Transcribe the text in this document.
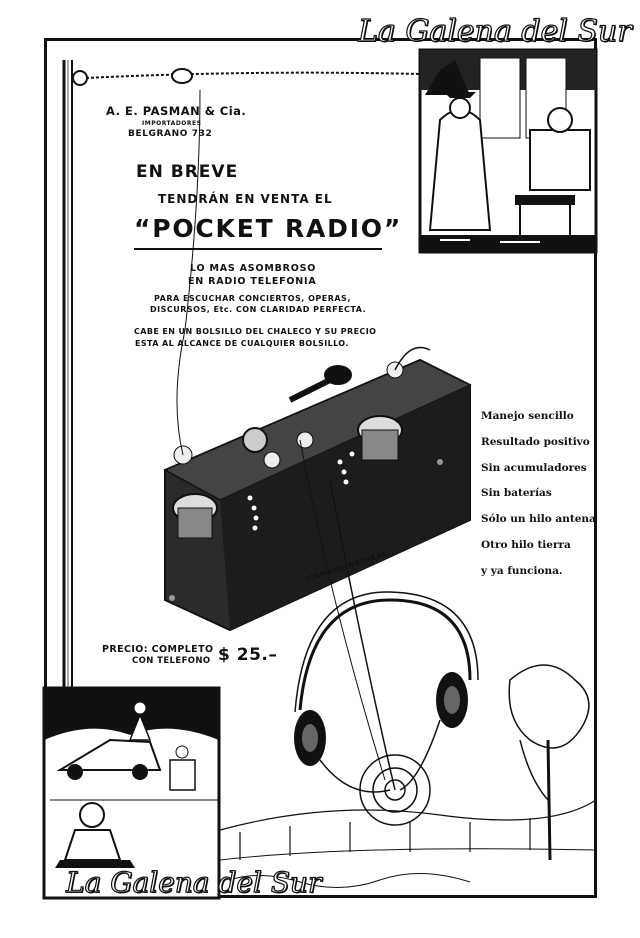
La Galena del Sur
La Galena del Sur
A. E. PASMAN & Cia.
IMPORTADORES
BELGRANO 732
EN BREVE
TENDRÁN EN VENTA EL
“POCKET RADIO”
LO MAS ASOMBROSO
EN RADIO TELEFONIA
PARA ESCUCHAR CONCIERTOS, OPERAS,
DISCURSOS, Etc. CON CLARIDAD PERFECTA.
CABE EN UN BOLSILLO DEL CHALECO Y SU PRECIO
ESTA AL ALCANCE DE CUALQUIER BOLSILLO.
(TAMAÑO NATURAL)
Manejo sencillo
Resultado positivo
Sin acumuladores
Sin baterías
Sólo un hilo antena
Otro hilo tierra
y ya funciona.
PRECIO: COMPLETO
CON TELEFONO $ 25.–
